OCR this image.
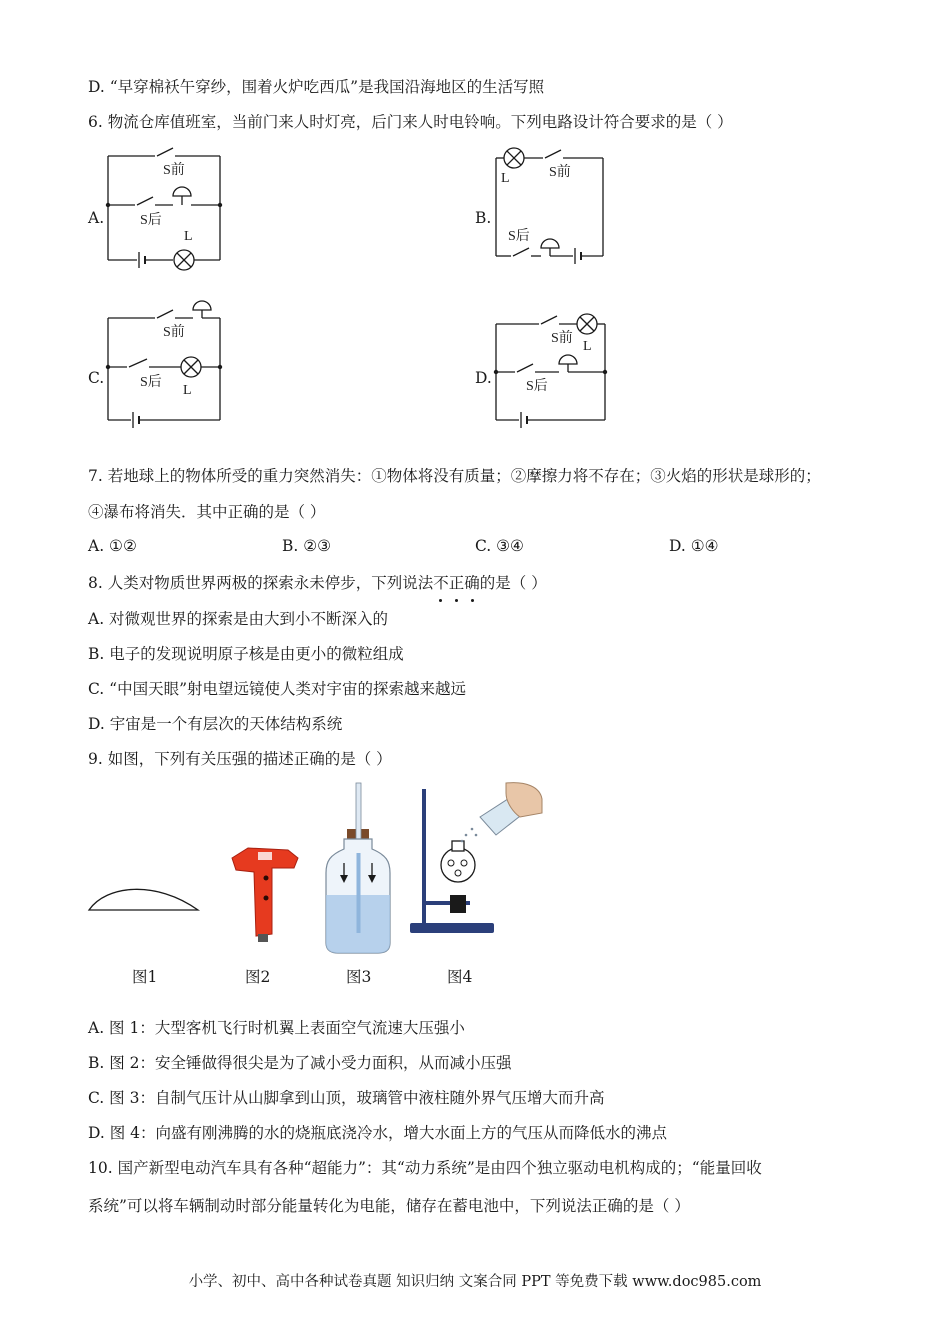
D. “早穿棉袄午穿纱，围着火炉吃西瓜”是我国沿海地区的生活写照
6. 物流仓库值班室，当前门来人时灯亮，后门来人时电铃响。下列电路设计符合要求的是（ ）
A.
S前
S后
L
B.
L	S前
S后
C.
S前
S后
L
D.
S前
L
S后
7. 若地球上的物体所受的重力突然消失：①物体将没有质量；②摩擦力将不存在；③火焰的形状是球形的；
④瀑布将消失．其中正确的是（ ）
A. ①②	B. ②③	C. ③④	D. ①④
8. 人类对物质世界两极的探索永未停步，下列说法不
正
确
的是（ ）
A. 对微观世界的探索是由大到小不断深入的
B. 电子的发现说明原子核是由更小的微粒组成
C. “中国天眼”射电望远镜使人类对宇宙的探索越来越远
D. 宇宙是一个有层次的天体结构系统
9. 如图，下列有关压强的描述正确的是（ ）
图1	图2	图3	图4
A. 图 1：大型客机飞行时机翼上表面空气流速大压强小
B. 图 2：安全锤做得很尖是为了减小受力面积，从而减小压强
C. 图 3：自制气压计从山脚拿到山顶，玻璃管中液柱随外界气压增大而升高
D. 图 4：向盛有刚沸腾的水的烧瓶底浇冷水，增大水面上方的气压从而降低水的沸点
10. 国产新型电动汽车具有各种“超能力”：其“动力系统”是由四个独立驱动电机构成的；“能量回收
系统”可以将车辆制动时部分能量转化为电能，储存在蓄电池中，下列说法正确的是（ ）
小学、初中、高中各种试卷真题 知识归纳 文案合同 PPT 等免费下载 www.doc985.com
